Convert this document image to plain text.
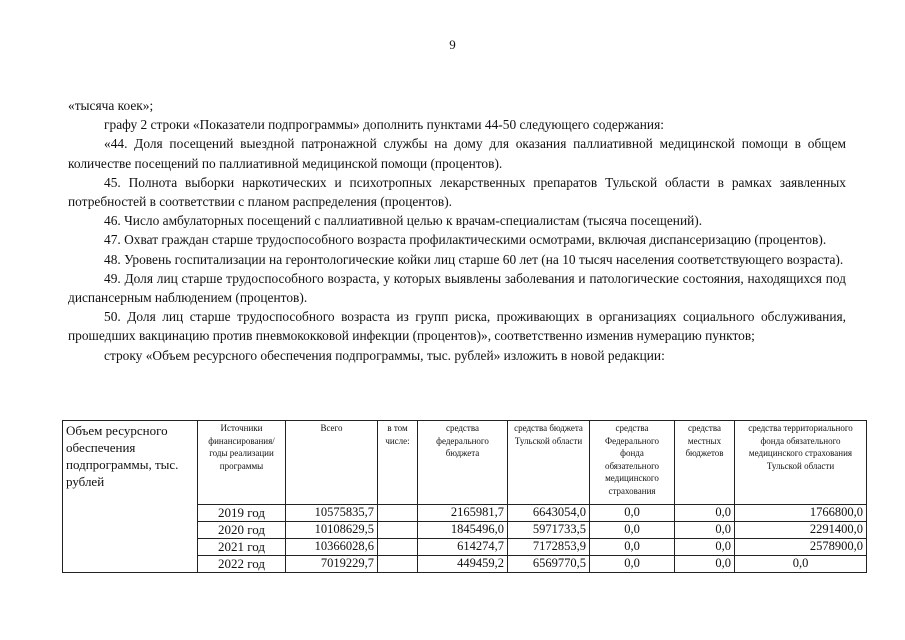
9

«тысяча коек»;

графу 2 строки «Показатели подпрограммы» дополнить пунктами 44-50 следующего содержания:

«44. Доля посещений выездной патронажной службы на дому для оказания паллиативной медицинской помощи в общем количестве посещений по паллиативной медицинской помощи (процентов).

45. Полнота выборки наркотических и психотропных лекарственных препаратов Тульской области в рамках заявленных потребностей в соответствии с планом распределения (процентов).

46. Число амбулаторных посещений с паллиативной целью к врачам-специалистам (тысяча посещений).

47. Охват граждан старше трудоспособного возраста профилактическими осмотрами, включая диспансеризацию (процентов).

48. Уровень госпитализации на геронтологические койки лиц старше 60 лет (на 10 тысяч населения соответствующего возраста).

49. Доля лиц старше трудоспособного возраста, у которых выявлены заболевания и патологические состояния, находящихся под диспансерным наблюдением (процентов).

50. Доля лиц старше трудоспособного возраста из групп риска, проживающих в организациях социального обслуживания, прошедших вакцинацию против пневмококковой инфекции (процентов)», соответственно изменив нумерацию пунктов;

строку «Объем ресурсного обеспечения подпрограммы, тыс. рублей» изложить в новой редакции:

Объем ресурсного обеспечения подпрограммы, тыс. рублей	Источники финансирования/ годы реализации программы	Всего	в том числе:	средства федерального бюджета	средства бюджета Тульской области	средства Федерального фонда обязательного медицинского страхования	средства местных бюджетов	средства территориального фонда обязательного медицинского страхования Тульской области
	2019 год	10575835,7		2165981,7	6643054,0	0,0	0,0	1766800,0
	2020 год	10108629,5		1845496,0	5971733,5	0,0	0,0	2291400,0
	2021 год	10366028,6		614274,7	7172853,9	0,0	0,0	2578900,0
	2022 год	7019229,7		449459,2	6569770,5	0,0	0,0	0,0
